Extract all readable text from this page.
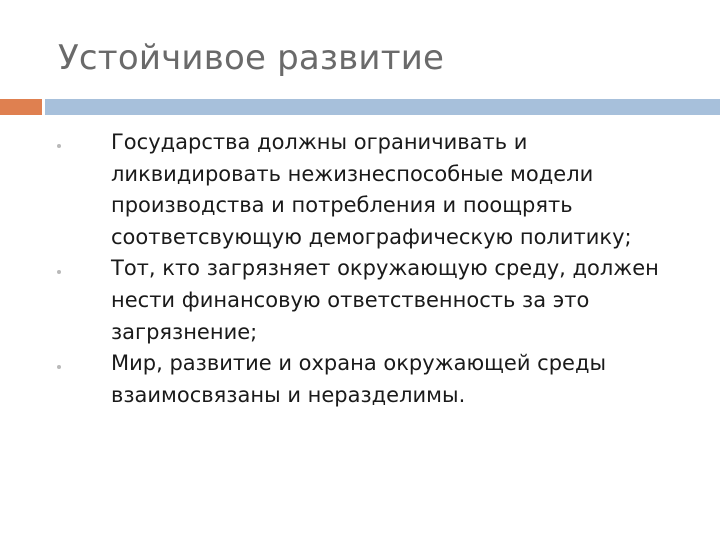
Устойчивое развитие
Государства должны ограничивать и ликвидировать нежизнеспособные модели производства и потребления и поощрять соответсвующую демографическую политику;
Тот, кто загрязняет окружающую среду, должен нести финансовую ответственность за это загрязнение;
Мир, развитие и охрана окружающей среды взаимосвязаны и неразделимы.
